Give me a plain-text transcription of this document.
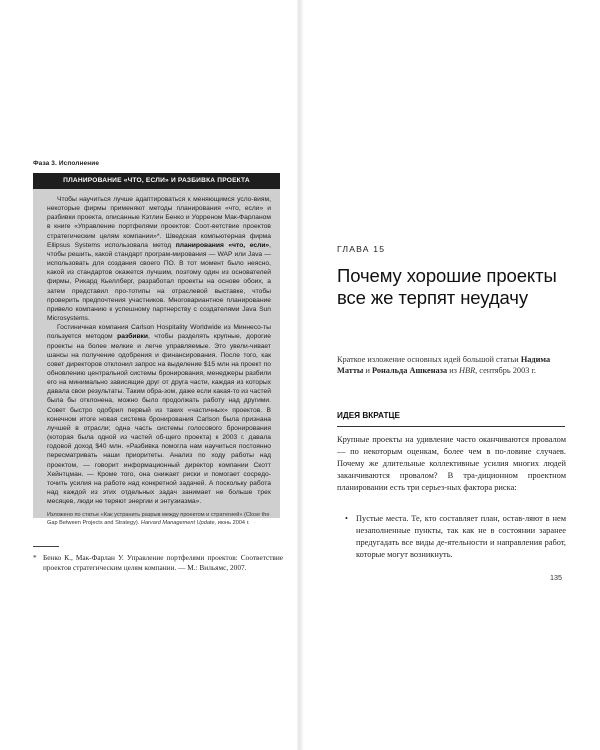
Фаза 3. Исполнение
ПЛАНИРОВАНИЕ «ЧТО, ЕСЛИ» И РАЗБИВКА ПРОЕКТА

Чтобы научиться лучше адаптироваться к меняющимся усло-виям, некоторые фирмы применяют методы планирования «что, если» и разбивки проекта, описанные Кэтлин Бенко и Уорреном Мак-Фарланом в книге «Управление портфелями проектов: Соот-ветствие проектов стратегическим целям компании»*. Шведская компьютерная фирма Ellipsus Systems использовала метод планирования «что, если», чтобы решить, какой стандарт програм-мирования — WAP или Java — использовать для создания своего ПО. В тот момент было неясно, какой из стандартов окажется лучшим, поэтому один из основателей фирмы, Рикард Кьеллберг, разработал проекты на основе обоих, а затем представил про-тотипы на отраслевой выставке, чтобы проверить предпочтения участников. Многовариантное планирование привело компанию к успешному партнерству с создателями Java Sun Microsystems.

Гостиничная компания Carlson Hospitality Worldwide из Миннесо-ты пользуется методом разбивки, чтобы разделять крупные, дорогие проекты на более мелкие и легче управляемые. Это увели-чивает шансы на получение одобрения и финансирования. После того, как совет директоров отклонил запрос на выделение $15 млн на проект по обновлению центральной системы бронирования, менеджеры разбили его на минимально зависящие друг от друга части, каждая из которых давала свои результаты. Таким обра-зом, даже если какая-то из частей была бы отклонена, можно было продолжать работу над другими. Совет быстро одобрил первый из таких «частичных» проектов. В конечном итоге новая система бронирования Carlson была признана лучшей в отрасли; одна часть системы голосового бронирования (которая была одной из частей об-щего проекта) к 2003 г. давала годовой доход $40 млн. «Разбивка помогла нам научиться постоянно пересматривать наши приоритеты. Анализ по ходу работы над проектом, — говорит информационный директор компании Скотт Хейнтцман. — Кроме того, она снижает риски и помогает сосредо-точить усилия на работе над конкретной задачей. А поскольку работа над каждой из этих отдельных задач занимает не больше трех месяцев, люди не теряют энергии и энтузиазма».

Изложено по статье «Как устранить разрыв между проектом и стратегией» (Close the Gap Between Projects and Strategy). Harvard Management Update, июнь 2004 г.
* Бенко К., Мак-Фарлан У. Управление портфелями проектов: Соответствие проектов стратегическим целям компании. — М.: Вильямс, 2007.
ГЛАВА 15
Почему хорошие проекты все же терпят неудачу
Краткое изложение основных идей большой статьи Надима Матты и Рональда Ашкеназа из HBR, сентябрь 2003 г.
ИДЕЯ ВКРАТЦЕ
Крупные проекты на удивление часто оканчиваются провалом — по некоторым оценкам, более чем в по-ловине случаев. Почему же длительные коллективные усилия многих людей заканчиваются провалом? В тра-диционном проектном планировании есть три серьез-ных фактора риска:
• Пустые места. Те, кто составляет план, остав-ляют в нем незаполненные пункты, так как не в состоянии заранее предугадать все виды де-ятельности и направления работ, которые могут возникнуть.
135
